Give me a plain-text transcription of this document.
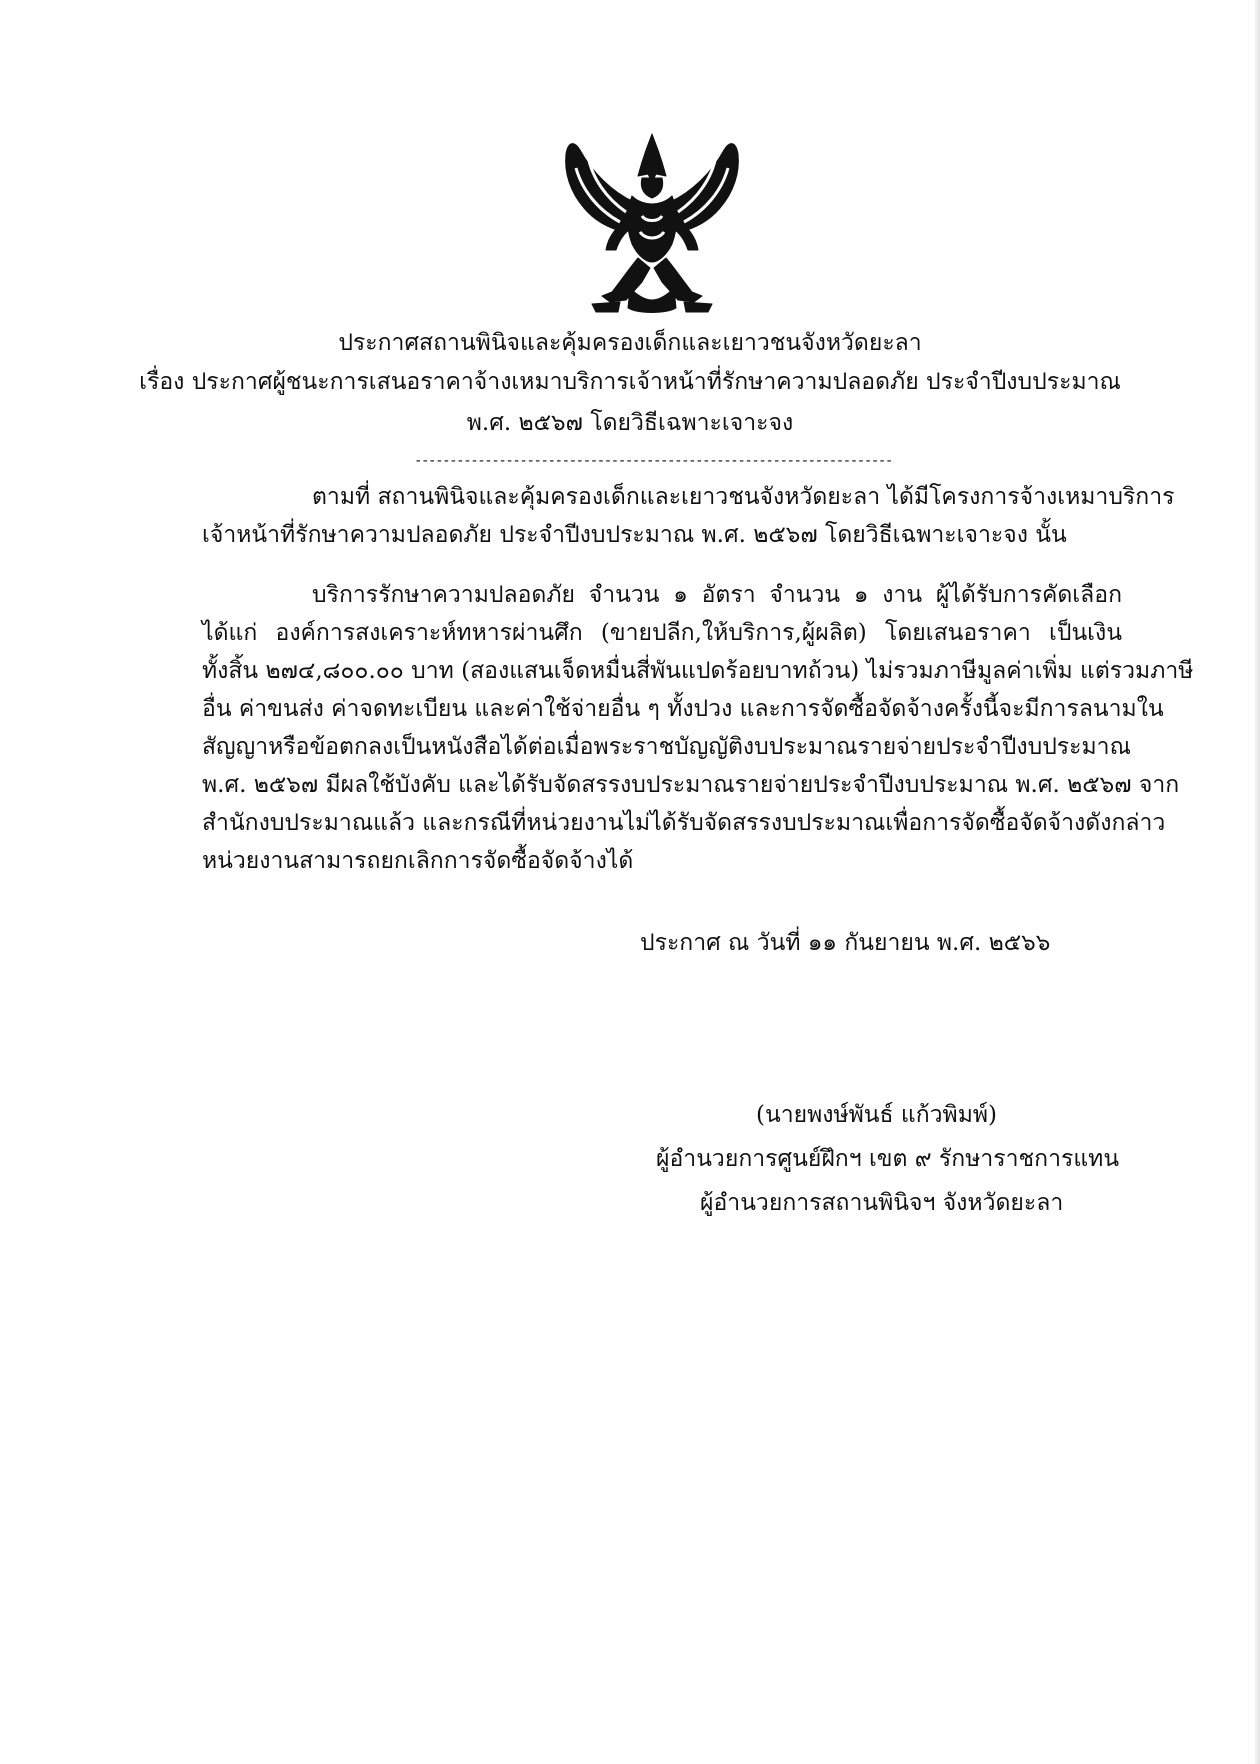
ประกาศสถานพินิจและคุ้มครองเด็กและเยาวชนจังหวัดยะลา
เรื่อง ประกาศผู้ชนะการเสนอราคาจ้างเหมาบริการเจ้าหน้าที่รักษาความปลอดภัย ประจำปีงบประมาณ
พ.ศ. ๒๕๖๗ โดยวิธีเฉพาะเจาะจง
--------------------------------------------------------------------
ตามที่ สถานพินิจและคุ้มครองเด็กและเยาวชนจังหวัดยะลา ได้มีโครงการจ้างเหมาบริการ
เจ้าหน้าที่รักษาความปลอดภัย ประจำปีงบประมาณ พ.ศ. ๒๕๖๗ โดยวิธีเฉพาะเจาะจง นั้น
บริการรักษาความปลอดภัย จำนวน ๑ อัตรา จำนวน ๑ งาน ผู้ได้รับการคัดเลือก
ได้แก่ องค์การสงเคราะห์ทหารผ่านศึก (ขายปลีก,ให้บริการ,ผู้ผลิต) โดยเสนอราคา เป็นเงิน
ทั้งสิ้น ๒๗๔,๘๐๐.๐๐ บาท (สองแสนเจ็ดหมื่นสี่พันแปดร้อยบาทถ้วน) ไม่รวมภาษีมูลค่าเพิ่ม แต่รวมภาษี
อื่น ค่าขนส่ง ค่าจดทะเบียน และค่าใช้จ่ายอื่น ๆ ทั้งปวง และการจัดซื้อจัดจ้างครั้งนี้จะมีการลนามใน
สัญญาหรือข้อตกลงเป็นหนังสือได้ต่อเมื่อพระราชบัญญัติงบประมาณรายจ่ายประจำปีงบประมาณ
พ.ศ. ๒๕๖๗ มีผลใช้บังคับ และได้รับจัดสรรงบประมาณรายจ่ายประจำปีงบประมาณ พ.ศ. ๒๕๖๗ จาก
สำนักงบประมาณแล้ว และกรณีที่หน่วยงานไม่ได้รับจัดสรรงบประมาณเพื่อการจัดซื้อจัดจ้างดังกล่าว
หน่วยงานสามารถยกเลิกการจัดซื้อจัดจ้างได้
ประกาศ ณ วันที่ ๑๑ กันยายน พ.ศ. ๒๕๖๖
(นายพงษ์พันธ์ แก้วพิมพ์)
ผู้อำนวยการศูนย์ฝึกฯ เขต ๙ รักษาราชการแทน
ผู้อำนวยการสถานพินิจฯ จังหวัดยะลา
